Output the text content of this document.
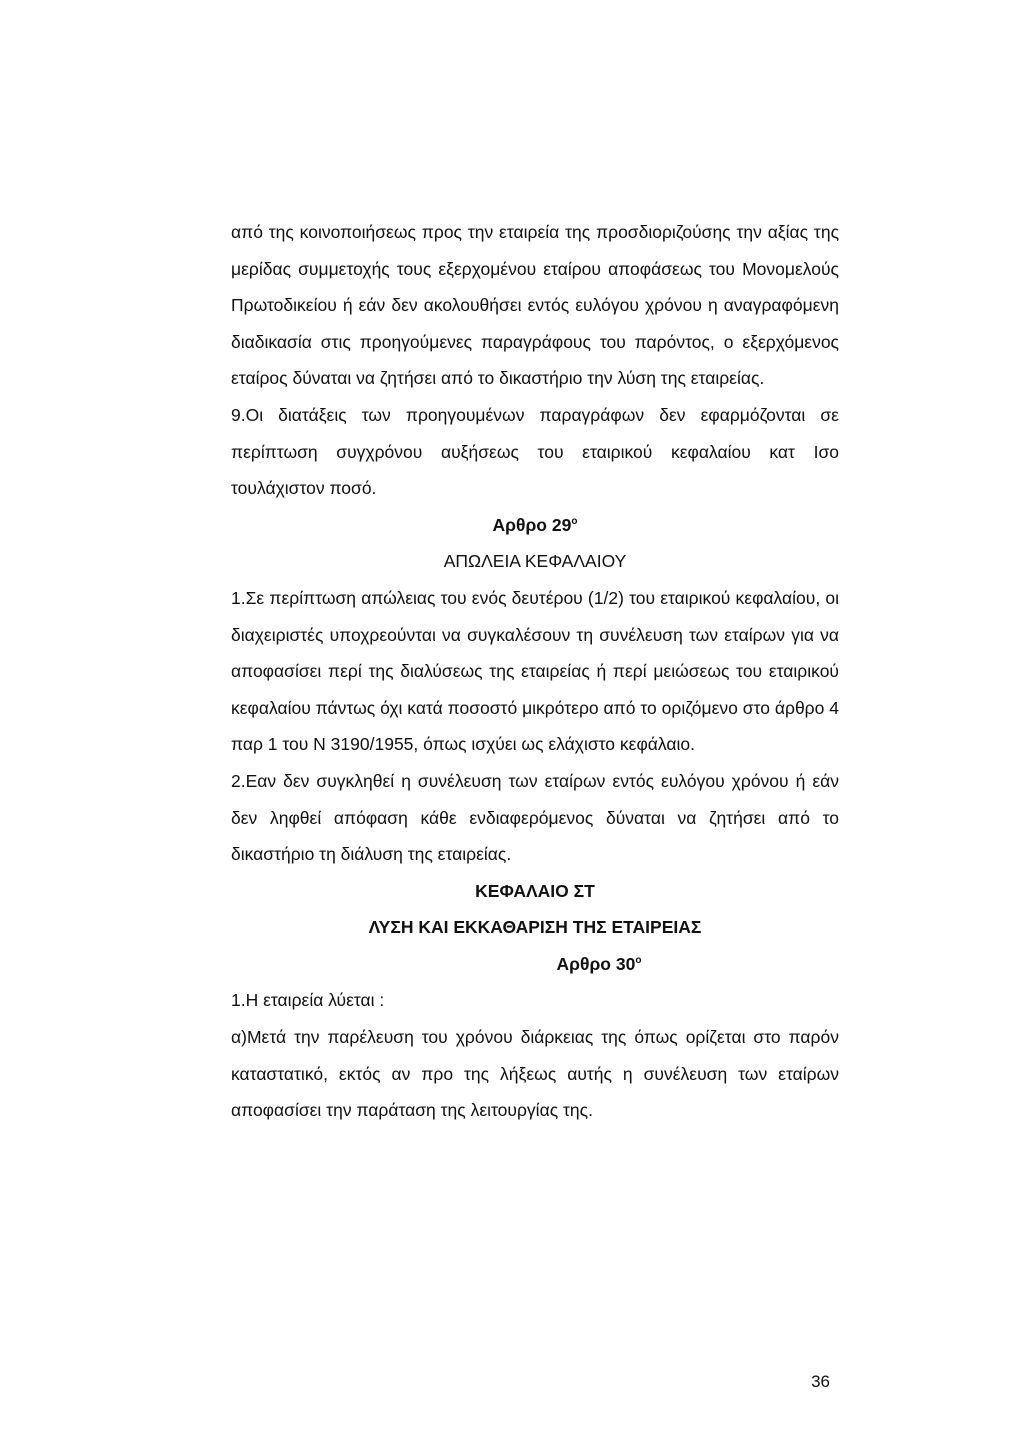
από της κοινοποιήσεως προς την εταιρεία της προσδιοριζούσης την αξίας της μερίδας συμμετοχής τους εξερχομένου εταίρου αποφάσεως του Μονομελούς Πρωτοδικείου ή εάν δεν ακολουθήσει εντός ευλόγου χρόνου η αναγραφόμενη διαδικασία στις προηγούμενες παραγράφους του παρόντος, ο εξερχόμενος εταίρος δύναται να ζητήσει από το δικαστήριο την λύση της εταιρείας.

9.Οι διατάξεις των προηγουμένων παραγράφων δεν εφαρμόζονται σε περίπτωση συγχρόνου αυξήσεως του εταιρικού κεφαλαίου κατ Ισο τουλάχιστον ποσό.

Αρθρο $29^o$

ΑΠΩΛΕΙΑ ΚΕΦΑΛΑΙΟΥ

1.Σε περίπτωση απώλειας του ενός δευτέρου (1/2) του εταιρικού κεφαλαίου, οι διαχειριστές υποχρεούνται να συγκαλέσουν τη συνέλευση των εταίρων για να αποφασίσει περί της διαλύσεως της εταιρείας ή περί μειώσεως του εταιρικού κεφαλαίου πάντως όχι κατά ποσοστό μικρότερο από το οριζόμενο στο άρθρο 4 παρ 1 του Ν 3190/1955, όπως ισχύει ως ελάχιστο κεφάλαιο.

2.Εαν δεν συγκληθεί η συνέλευση των εταίρων εντός ευλόγου χρόνου ή εάν δεν ληφθεί απόφαση κάθε ενδιαφερόμενος δύναται να ζητήσει από το δικαστήριο τη διάλυση της εταιρείας.

ΚΕΦΑΛΑΙΟ ΣΤ

ΛΥΣΗ ΚΑΙ ΕΚΚΑΘΑΡΙΣΗ ΤΗΣ ΕΤΑΙΡΕΙΑΣ

Αρθρο $30^o$

1.Η εταιρεία λύεται :

α)Μετά την παρέλευση του χρόνου διάρκειας της όπως ορίζεται στο παρόν καταστατικό, εκτός αν προ της λήξεως αυτής η συνέλευση των εταίρων αποφασίσει την παράταση της λειτουργίας της.

36
